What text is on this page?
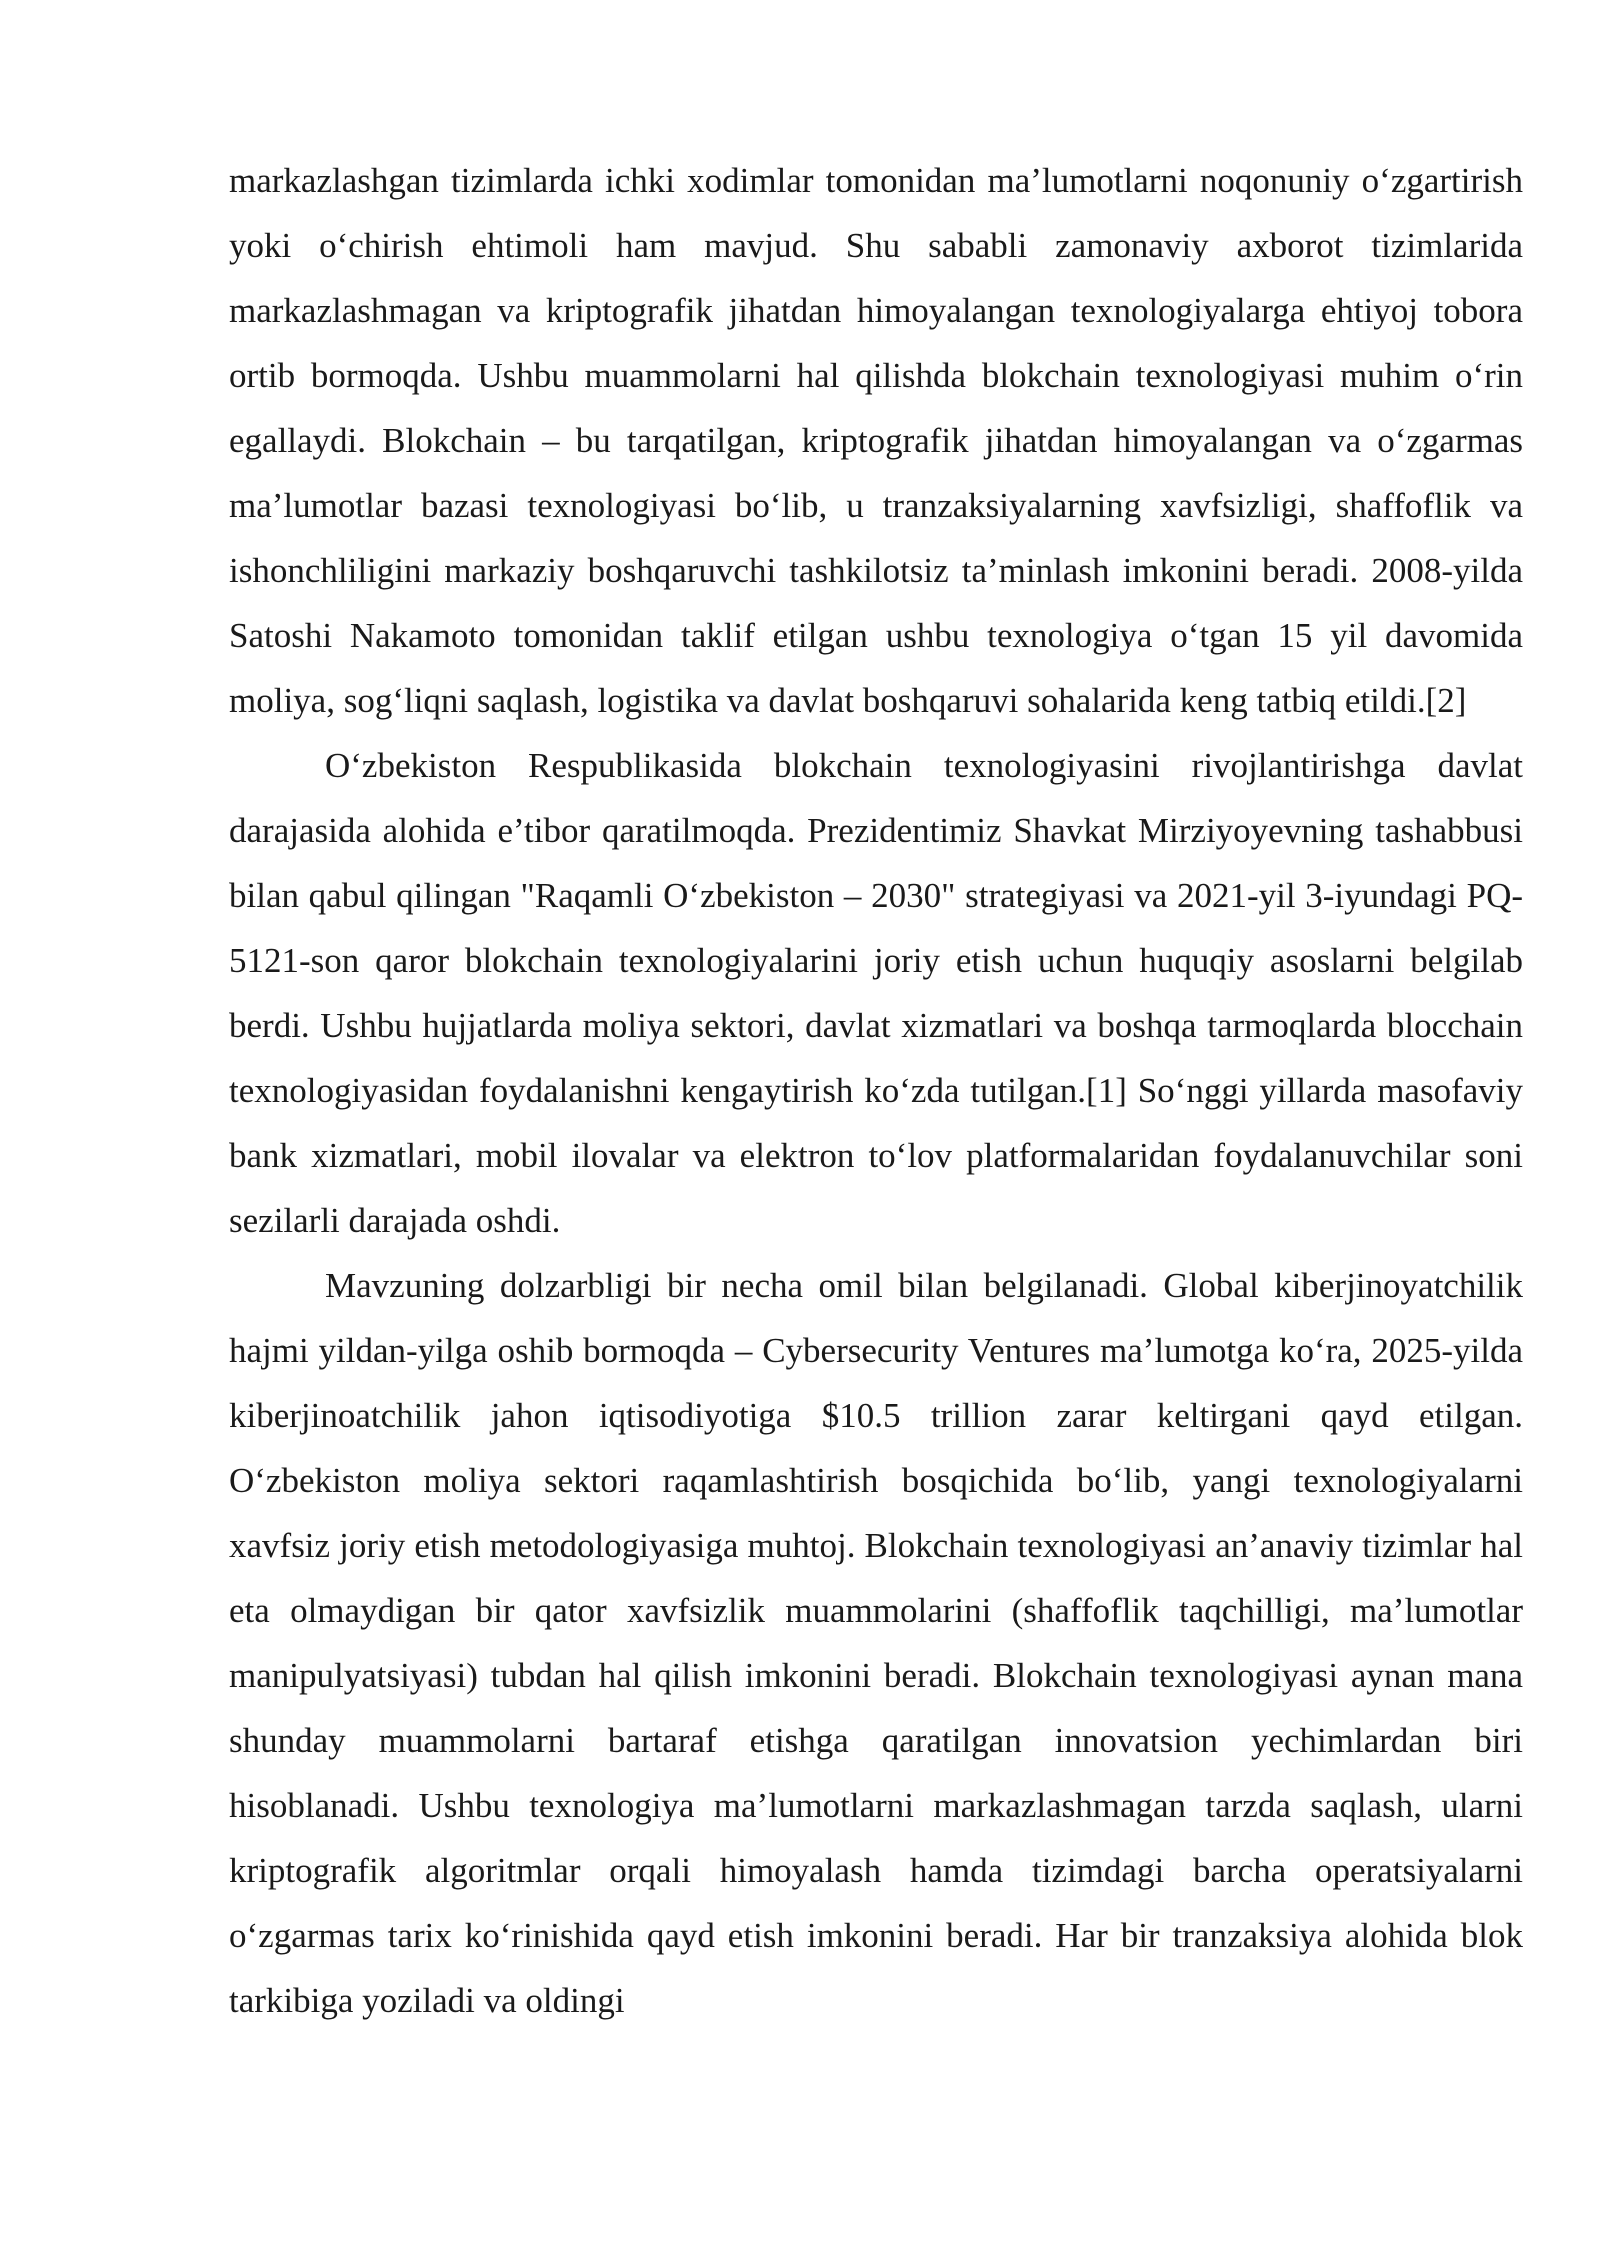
markazlashgan tizimlarda ichki xodimlar tomonidan ma’lumotlarni noqonuniy o‘zgartirish yoki o‘chirish ehtimoli ham mavjud. Shu sababli zamonaviy axborot tizimlarida markazlashmagan va kriptografik jihatdan himoyalangan texnologiyalarga ehtiyoj tobora ortib bormoqda. Ushbu muammolarni hal qilishda blokchain texnologiyasi muhim o‘rin egallaydi. Blokchain – bu tarqatilgan, kriptografik jihatdan himoyalangan va o‘zgarmas ma’lumotlar bazasi texnologiyasi bo‘lib, u tranzaksiyalarning xavfsizligi, shaffoflik va ishonchliligini markaziy boshqaruvchi tashkilotsiz ta’minlash imkonini beradi. 2008-yilda Satoshi Nakamoto tomonidan taklif etilgan ushbu texnologiya o‘tgan 15 yil davomida moliya, sog‘liqni saqlash, logistika va davlat boshqaruvi sohalarida keng tatbiq etildi.[2]

O‘zbekiston Respublikasida blokchain texnologiyasini rivojlantirishga davlat darajasida alohida e’tibor qaratilmoqda. Prezidentimiz Shavkat Mirziyoyevning tashabbusi bilan qabul qilingan "Raqamli O‘zbekiston – 2030" strategiyasi va 2021-yil 3-iyundagi PQ-5121-son qaror blokchain texnologiyalarini joriy etish uchun huquqiy asoslarni belgilab berdi. Ushbu hujjatlarda moliya sektori, davlat xizmatlari va boshqa tarmoqlarda blocchain texnologiyasidan foydalanishni kengaytirish ko‘zda tutilgan.[1] So‘nggi yillarda masofaviy bank xizmatlari, mobil ilovalar va elektron to‘lov platformalaridan foydalanuvchilar soni sezilarli darajada oshdi.

Mavzuning dolzarbligi bir necha omil bilan belgilanadi. Global kiberjinoyatchilik hajmi yildan-yilga oshib bormoqda – Cybersecurity Ventures ma’lumotga ko‘ra, 2025-yilda kiberjinoatchilik jahon iqtisodiyotiga $10.5 trillion zarar keltirgani qayd etilgan. O‘zbekiston moliya sektori raqamlashtirish bosqichida bo‘lib, yangi texnologiyalarni xavfsiz joriy etish metodologiyasiga muhtoj. Blokchain texnologiyasi an’anaviy tizimlar hal eta olmaydigan bir qator xavfsizlik muammolarini (shaffoflik taqchilligi, ma’lumotlar manipulyatsiyasi) tubdan hal qilish imkonini beradi. Blokchain texnologiyasi aynan mana shunday muammolarni bartaraf etishga qaratilgan innovatsion yechimlardan biri hisoblanadi. Ushbu texnologiya ma’lumotlarni markazlashmagan tarzda saqlash, ularni kriptografik algoritmlar orqali himoyalash hamda tizimdagi barcha operatsiyalarni o‘zgarmas tarix ko‘rinishida qayd etish imkonini beradi. Har bir tranzaksiya alohida blok tarkibiga yoziladi va oldingi
